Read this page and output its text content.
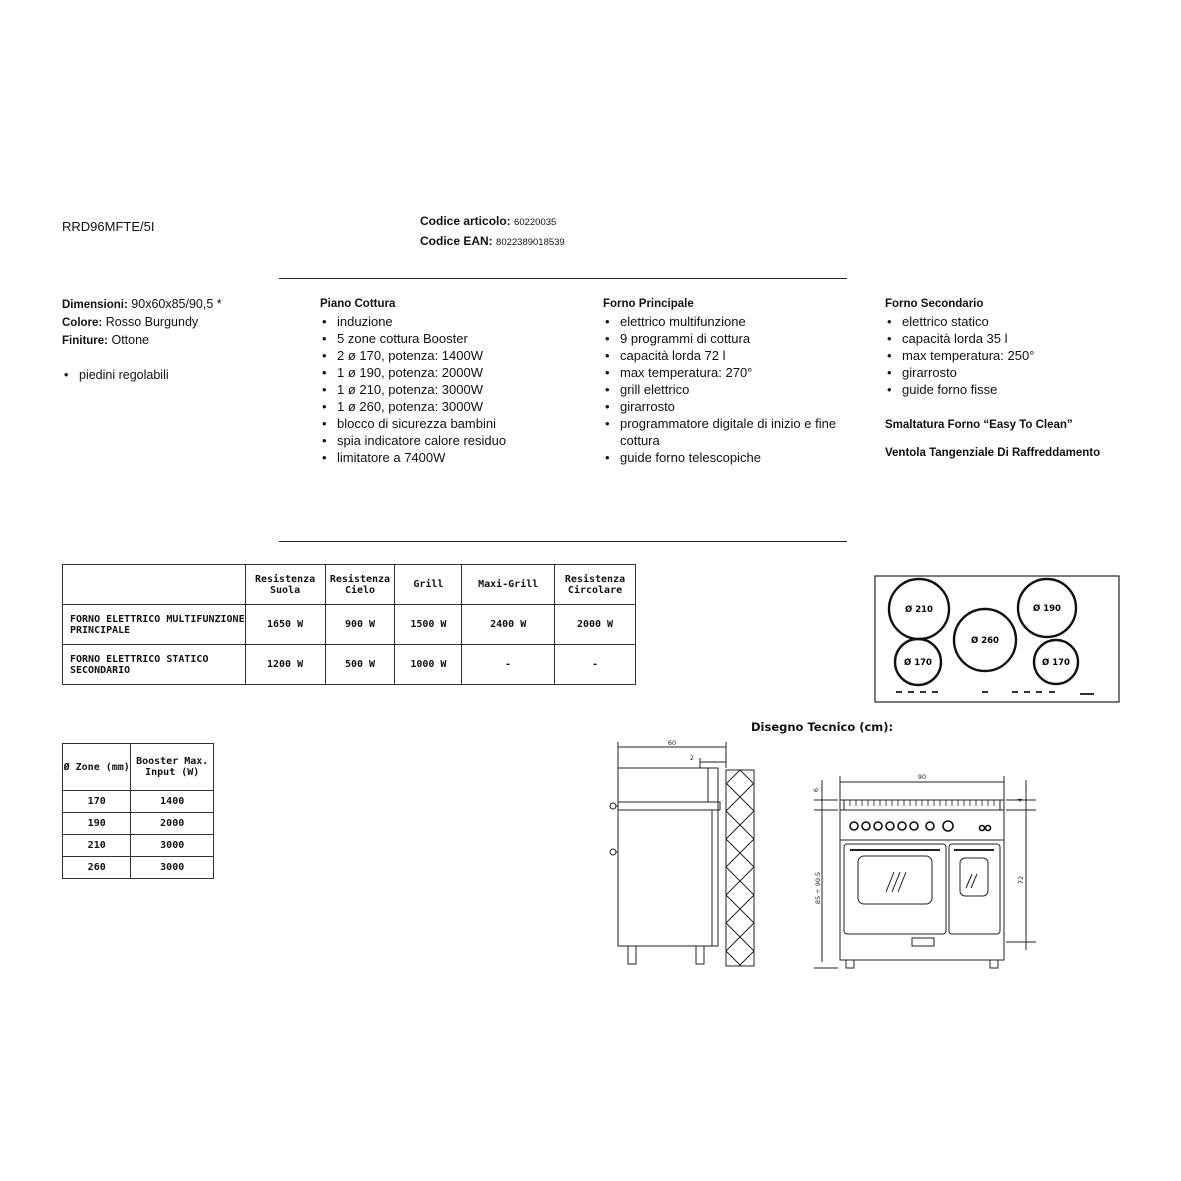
RRD96MFTE/5I	Codice articolo: 60220035
Codice EAN: 8022389018539
Dimensioni: 90x60x85/90,5 *
Colore: Rosso Burgundy
Finiture: Ottone
• piedini regolabili
Piano Cottura
• induzione
• 5 zone cottura Booster
• 2 ø 170, potenza: 1400W
• 1 ø 190, potenza: 2000W
• 1 ø 210, potenza: 3000W
• 1 ø 260, potenza: 3000W
• blocco di sicurezza bambini
• spia indicatore calore residuo
• limitatore a 7400W
Forno Principale
• elettrico multifunzione
• 9 programmi di cottura
• capacità lorda 72 l
• max temperatura: 270°
• grill elettrico
• girarrosto
• programmatore digitale di inizio e fine cottura
• guide forno telescopiche
Forno Secondario
• elettrico statico
• capacità lorda 35 l
• max temperatura: 250°
• girarrosto
• guide forno fisse
Smaltatura Forno “Easy To Clean”
Ventola Tangenziale Di Raffreddamento
	Resistenza Suola	Resistenza Cielo	Grill	Maxi-Grill	Resistenza Circolare
FORNO ELETTRICO MULTIFUNZIONE PRINCIPALE	1650 W	900 W	1500 W	2400 W	2000 W
FORNO ELETTRICO STATICO SECONDARIO	1200 W	500 W	1000 W	-	-
Ø Zone (mm)	Booster Max. Input (W)
170	1400
190	2000
210	3000
260	3000
Ø 210	Ø 190
Ø 260
Ø 170	Ø 170
Disegno Tecnico (cm):
60
2
90
6
4
85 ÷ 90.5	72
